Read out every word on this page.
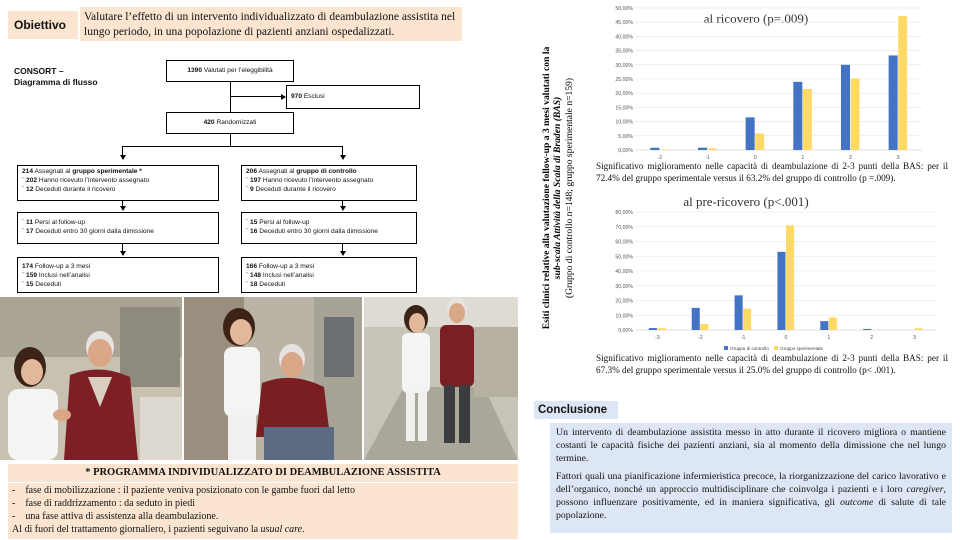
Obiettivo
Valutare l’effetto di un intervento individualizzato di deambulazione assistita nel lungo periodo, in una popolazione di pazienti anziani ospedalizzati.
CONSORT –
Diagramma di flusso
1390 Valutati per l’eleggibilità
970 Esclusi
420 Randomizzati
214 Assegnati al gruppo sperimentale *
¨ 202 Hanno ricevuto l’intervento assegnato
¨ 12 Deceduti durante il ricovero
¨ 11 Persi al follow-up
¨ 17 Deceduti entro 30 giorni dalla dimissione
174 Follow-up a 3 mesi
¨ 159 Inclusi nell’analisi
¨ 15 Deceduti
206 Assegnati al gruppo di controllo
¨ 197 Hanno ricevuto l’intervento assegnato
¨ 9 Deceduti durante il ricovero
¨ 15 Persi al follow-up
¨ 16 Deceduti entro 30 giorni dalla dimissione
166 Follow-up a 3 mesi
¨ 148 Inclusi nell’analisi
¨ 18 Deceduti
* PROGRAMMA INDIVIDUALIZZATO DI DEAMBULAZIONE ASSISTITA
-    fase di mobilizzazione : il paziente veniva posizionato con le gambe fuori dal letto
-    fase di raddrizzamento : da seduto in piedi
-    una fase attiva di assistenza alla deambulazione.
Al di fuori del trattamento giornaliero, i pazienti seguivano la usual care.
Esiti clinici relative alla valutazione follow-up a 3 mesi valutati con la sub-scala Attività della Scala di Braden (BAS) (Gruppo di controllo n=148; gruppo sperimentale n=159)
al ricovero (p=.009)
0,00%
5,00%
10,00%
15,00%
20,00%
25,00%
30,00%
35,00%
40,00%
45,00%
50,00%
-2	-1	0	1	2	3
Significativo miglioramento nelle capacità di deambulazione di 2-3 punti della BAS: per il 72.4% del gruppo sperimentale versus il 63.2% del gruppo di controllo (p =.009).
al pre-ricovero (p<.001)
0,00%
10,00%
20,00%
30,00%
40,00%
50,00%
60,00%
70,00%
80,00%
-3	-2	-1	0	1	2	3
Gruppo di controllo Gruppo sperimentale
Significativo miglioramento nelle capacità di deambulazione di 2-3 punti della BAS: per il 67.3% del gruppo sperimentale versus il 25.0% del gruppo di controllo (p< .001).
Conclusione

Un intervento di deambulazione assistita messo in atto durante il ricovero migliora o mantiene costanti le capacità fisiche dei pazienti anziani, sia al momento della dimissione che nel lungo termine.

Fattori quali una pianificazione infermieristica precoce, la riorganizzazione del carico lavorativo e dell’organico, nonché un approccio multidisciplinare che coinvolga i pazienti e i loro caregiver, possono influenzare positivamente, ed in maniera significativa, gli outcome di salute di tale popolazione.
